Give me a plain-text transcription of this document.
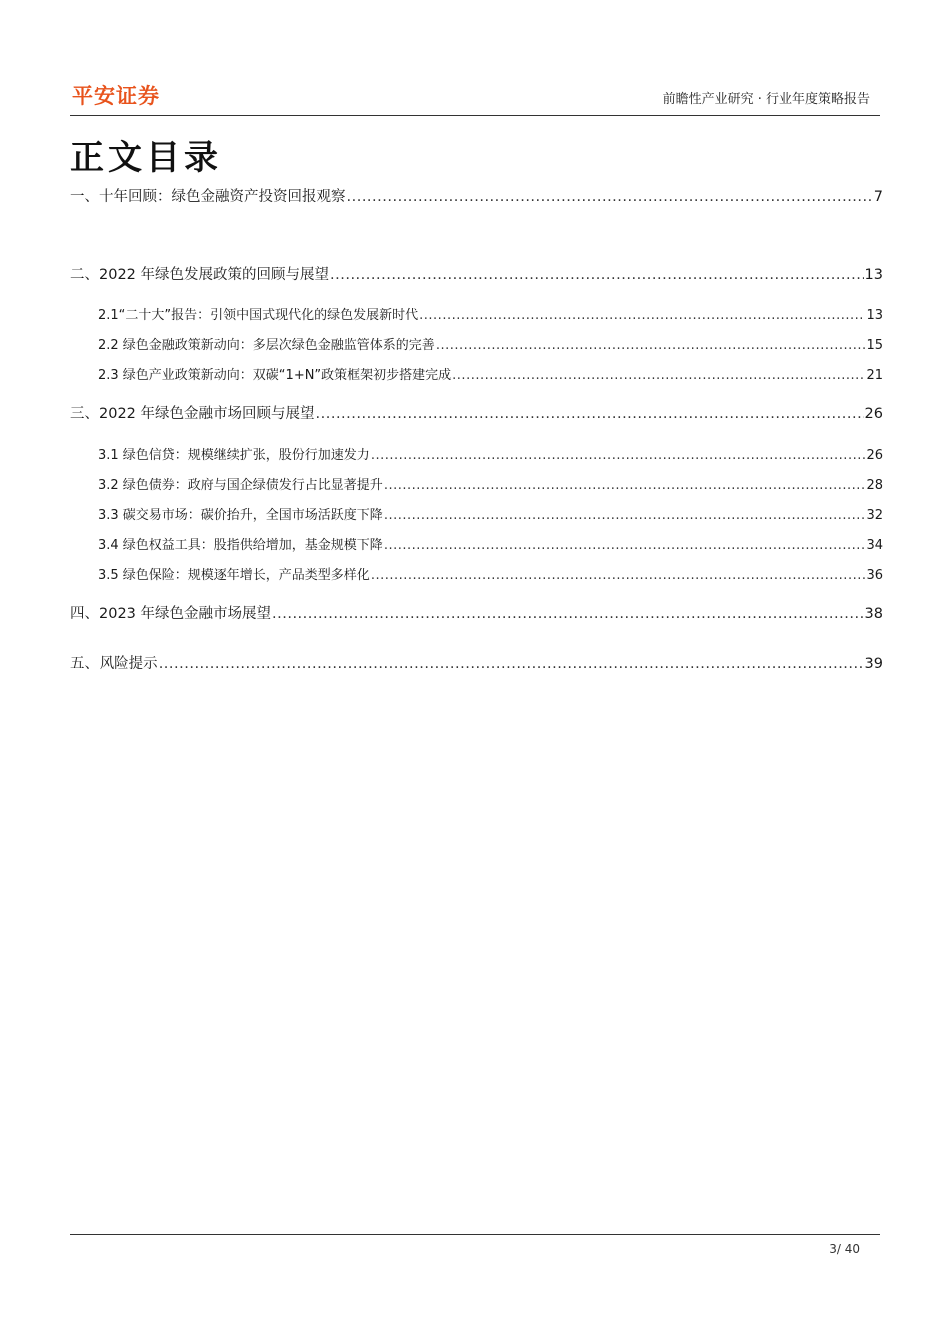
平安证券	前瞻性产业研究 · 行业年度策略报告
正文目录
一、 十年回顾：绿色金融资产投资回报观察 .....	7
二、 2022 年绿色发展政策的回顾与展望 .....	13
2.1“二十大”报告：引领中国式现代化的绿色发展新时代 .....	13
2.2 绿色金融政策新动向：多层次绿色金融监管体系的完善 .....	15
2.3 绿色产业政策新动向：双碳“1+N”政策框架初步搭建完成 .....	21
三、 2022 年绿色金融市场回顾与展望 .....	26
3.1 绿色信贷：规模继续扩张，股份行加速发力 .....	26
3.2 绿色债券：政府与国企绿债发行占比显著提升 .....	28
3.3 碳交易市场：碳价抬升，全国市场活跃度下降 .....	32
3.4 绿色权益工具：股指供给增加，基金规模下降 .....	34
3.5 绿色保险：规模逐年增长，产品类型多样化 .....	36
四、 2023 年绿色金融市场展望 .....	38
五、 风险提示 .....	39
3/ 40
